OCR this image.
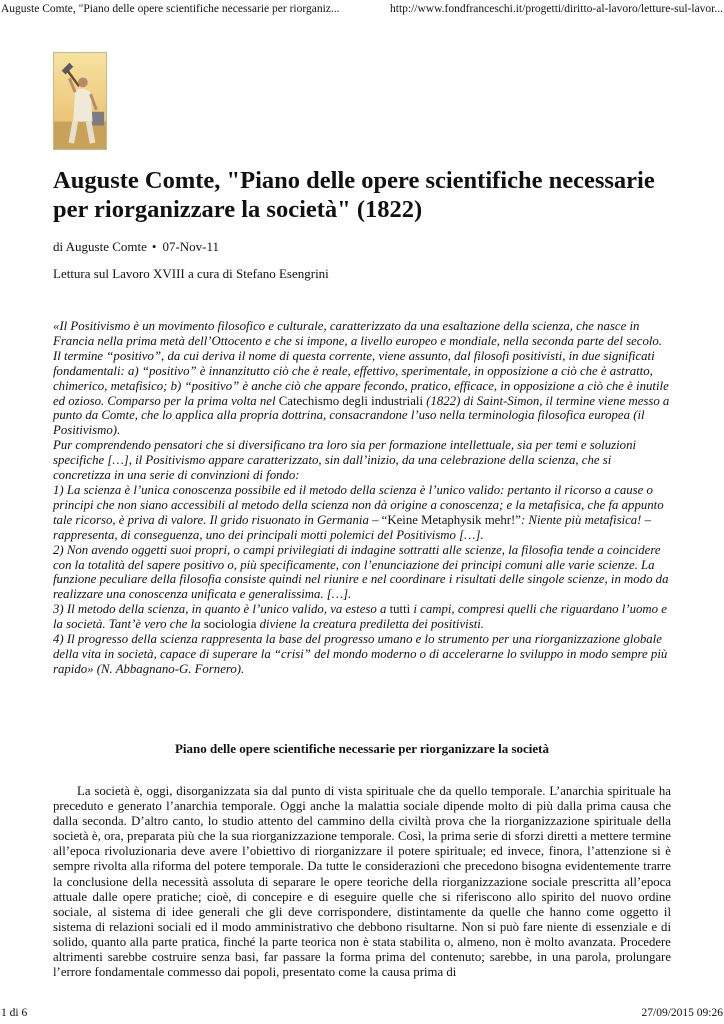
Auguste Comte, "Piano delle opere scientifiche necessarie per riorganiz...	http://www.fondfranceschi.it/progetti/diritto-al-lavoro/letture-sul-lavor...
Auguste Comte, "Piano delle opere scientifiche necessarie per riorganizzare la società" (1822)
di Auguste Comte • 07-Nov-11
Lettura sul Lavoro XVIII a cura di Stefano Esengrini
«Il Positivismo è un movimento filosofico e culturale, caratterizzato da una esaltazione della scienza, che nasce in Francia nella prima metà dell’Ottocento e che si impone, a livello europeo e mondiale, nella seconda parte del secolo. Il termine “positivo”, da cui deriva il nome di questa corrente, viene assunto, dal filosofi positivisti, in due significati fondamentali: a) “positivo” è innanzitutto ciò che è reale, effettivo, sperimentale, in opposizione a ciò che è astratto, chimerico, metafisico; b) “positivo” è anche ciò che appare fecondo, pratico, efficace, in opposizione a ciò che è inutile ed ozioso. Comparso per la prima volta nel Catechismo degli industriali (1822) di Saint-Simon, il termine viene messo a punto da Comte, che lo applica alla propria dottrina, consacrandone l’uso nella terminologia filosofica europea (il Positivismo).
Pur comprendendo pensatori che si diversificano tra loro sia per formazione intellettuale, sia per temi e soluzioni specifiche […], il Positivismo appare caratterizzato, sin dall’inizio, da una celebrazione della scienza, che si concretizza in una serie di convinzioni di fondo:
1) La scienza è l’unica conoscenza possibile ed il metodo della scienza è l’unico valido: pertanto il ricorso a cause o principi che non siano accessibili al metodo della scienza non dà origine a conoscenza; e la metafisica, che fa appunto tale ricorso, è priva di valore. Il grido risuonato in Germania – “Keine Metaphysik mehr!”: Niente più metafisica! – rappresenta, di conseguenza, uno dei principali motti polemici del Positivismo […].
2) Non avendo oggetti suoi propri, o campi privilegiati di indagine sottratti alle scienze, la filosofia tende a coincidere con la totalità del sapere positivo o, più specificamente, con l’enunciazione dei principi comuni alle varie scienze. La funzione peculiare della filosofia consiste quindi nel riunire e nel coordinare i risultati delle singole scienze, in modo da realizzare una conoscenza unificata e generalissima. […].
3) Il metodo della scienza, in quanto è l’unico valido, va esteso a tutti i campi, compresi quelli che riguardano l’uomo e la società. Tant’è vero che la sociologia diviene la creatura prediletta dei positivisti.
4) Il progresso della scienza rappresenta la base del progresso umano e lo strumento per una riorganizzazione globale della vita in società, capace di superare la “crisi” del mondo moderno o di accelerarne lo sviluppo in modo sempre più rapido» (N. Abbagnano-G. Fornero).
Piano delle opere scientifiche necessarie per riorganizzare la società

La società è, oggi, disorganizzata sia dal punto di vista spirituale che da quello temporale. L’anarchia spirituale ha preceduto e generato l’anarchia temporale. Oggi anche la malattia sociale dipende molto di più dalla prima causa che dalla seconda. D’altro canto, lo studio attento del cammino della civiltà prova che la riorganizzazione spirituale della società è, ora, preparata più che la sua riorganizzazione temporale. Così, la prima serie di sforzi diretti a mettere termine all’epoca rivoluzionaria deve avere l’obiettivo di riorganizzare il potere spirituale; ed invece, finora, l’attenzione si è sempre rivolta alla riforma del potere temporale. Da tutte le considerazioni che precedono bisogna evidentemente trarre la conclusione della necessità assoluta di separare le opere teoriche della riorganizzazione sociale prescritta all’epoca attuale dalle opere pratiche; cioè, di concepire e di eseguire quelle che si riferiscono allo spirito del nuovo ordine sociale, al sistema di idee generali che gli deve corrispondere, distintamente da quelle che hanno come oggetto il sistema di relazioni sociali ed il modo amministrativo che debbono risultarne. Non si può fare niente di essenziale e di solido, quanto alla parte pratica, finché la parte teorica non è stata stabilita o, almeno, non è molto avanzata. Procedere altrimenti sarebbe costruire senza basi, far passare la forma prima del contenuto; sarebbe, in una parola, prolungare l’errore fondamentale commesso dai popoli, presentato come la causa prima di

1 di 6	27/09/2015 09:26
